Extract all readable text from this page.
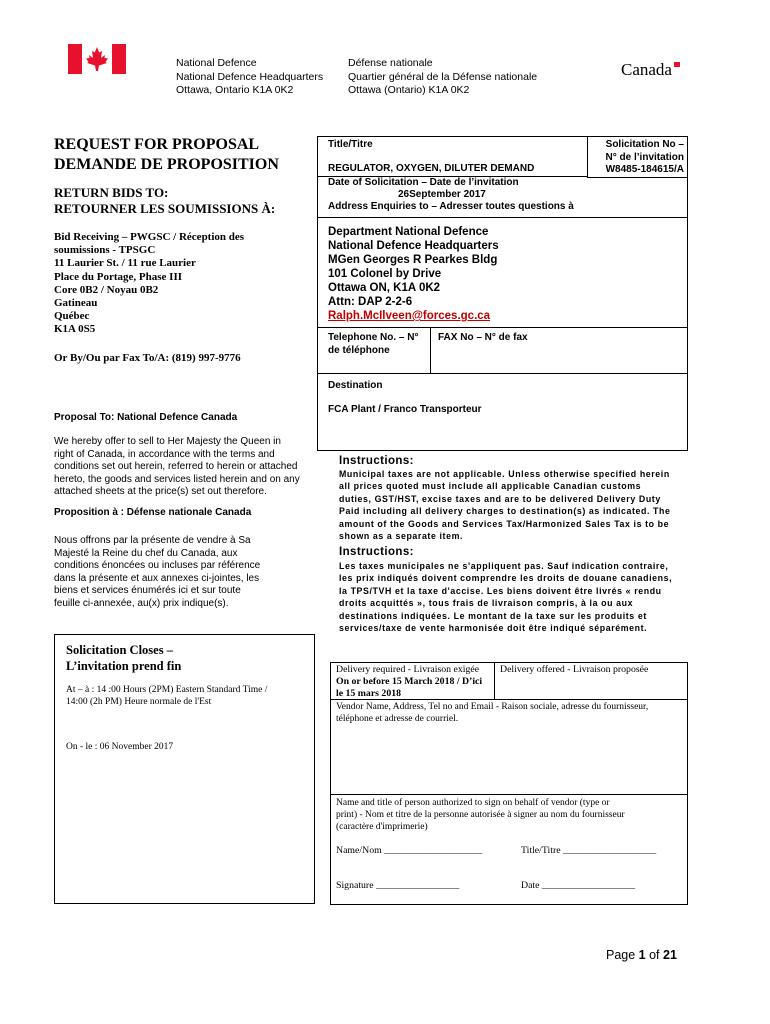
National Defence
National Defence Headquarters
Ottawa, Ontario K1A 0K2
Défense nationale
Quartier général de la Défense nationale
Ottawa (Ontario) K1A 0K2
Canada
REQUEST FOR PROPOSAL
DEMANDE DE PROPOSITION
RETURN BIDS TO:
RETOURNER LES SOUMISSIONS À:
Bid Receiving – PWGSC / Réception des
soumissions - TPSGC
11 Laurier St. / 11 rue Laurier
Place du Portage, Phase III
Core 0B2 / Noyau 0B2
Gatineau
Québec
K1A 0S5
Or By/Ou par Fax To/A: (819) 997-9776
Proposal To: National Defence Canada
We hereby offer to sell to Her Majesty the Queen in
right of Canada, in accordance with the terms and
conditions set out herein, referred to herein or attached
hereto, the goods and services listed herein and on any
attached sheets at the price(s) set out therefore.
Proposition à : Défense nationale Canada
Nous offrons par la présente de vendre à Sa
Majesté la Reine du chef du Canada, aux
conditions énoncées ou incluses par référence
dans la présente et aux annexes ci-jointes, les
biens et services énumérés ici et sur toute
feuille ci-annexée, au(x) prix indique(s).
Solicitation Closes –
L’invitation prend fin
At – à : 14 :00 Hours (2PM) Eastern Standard Time /
14:00 (2h PM) Heure normale de l'Est
On - le : 06 November 2017
Title/Titre
REGULATOR, OXYGEN, DILUTER DEMAND
Solicitation No –
N° de l’invitation
W8485-184615/A
Date of Solicitation – Date de l’invitation
26September 2017
Address Enquiries to – Adresser toutes questions à
Department National Defence
National Defence Headquarters
MGen Georges R Pearkes Bldg
101 Colonel by Drive
Ottawa ON, K1A 0K2
Attn: DAP 2-2-6
Ralph.McIlveen@forces.gc.ca
Telephone No. – N°
de téléphone
FAX No – N° de fax
Destination
FCA Plant / Franco Transporteur
Instructions:
Municipal taxes are not applicable. Unless otherwise specified herein
all prices quoted must include all applicable Canadian customs
duties, GST/HST, excise taxes and are to be delivered Delivery Duty
Paid including all delivery charges to destination(s) as indicated. The
amount of the Goods and Services Tax/Harmonized Sales Tax is to be
shown as a separate item.
Instructions:
Les taxes municipales ne s'appliquent pas. Sauf indication contraire,
les prix indiqués doivent comprendre les droits de douane canadiens,
la TPS/TVH et la taxe d'accise. Les biens doivent être livrés « rendu
droits acquittés », tous frais de livraison compris, à la ou aux
destinations indiquées. Le montant de la taxe sur les produits et
services/taxe de vente harmonisée doit être indiqué séparément.
Delivery required - Livraison exigée
On or before 15 March 2018 / D’ici
le 15 mars 2018
Delivery offered - Livraison proposée
Vendor Name, Address, Tel no and Email - Raison sociale, adresse du fournisseur,
téléphone et adresse de courriel.
Name and title of person authorized to sign on behalf of vendor (type or
print) - Nom et titre de la personne autorisée à signer au nom du fournisseur
(caractère d'imprimerie)
Name/Nom ____________________	Title/Titre ___________________
Signature _________________	Date ___________________
Page 1 of 21
